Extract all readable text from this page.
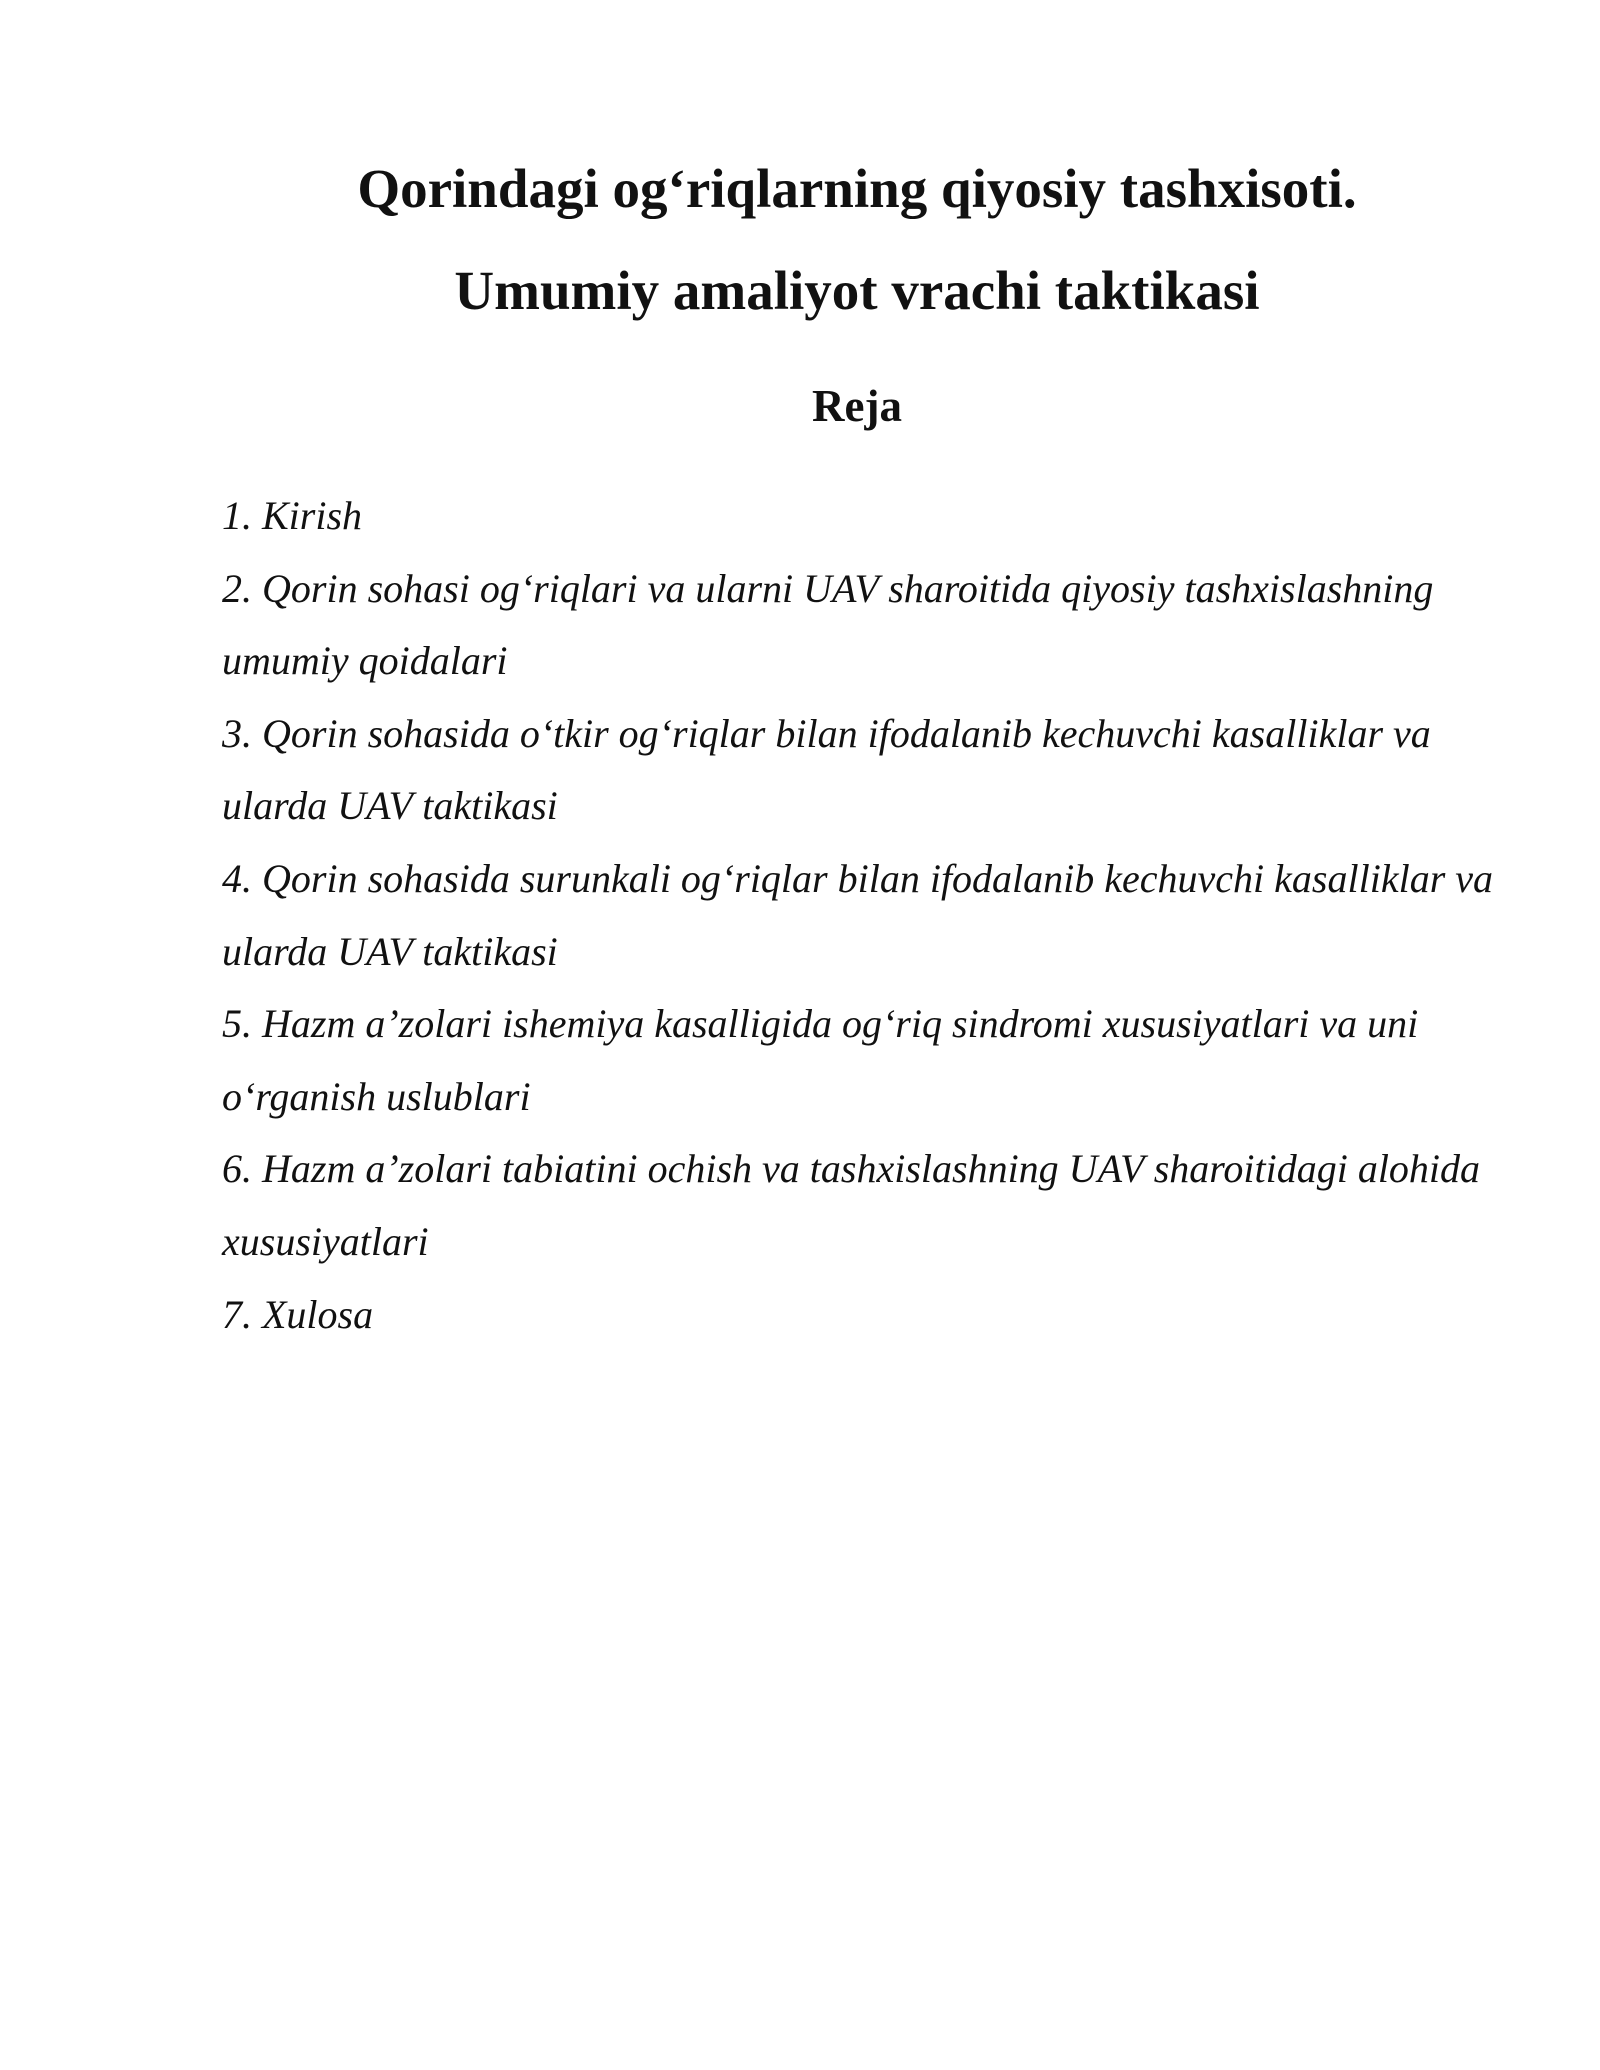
Qorindagi og‘riqlarning qiyosiy tashxisoti.

Umumiy amaliyot vrachi taktikasi

Reja

1. Kirish
2. Qorin sohasi og‘riqlari va ularni UAV sharoitida qiyosiy tashxislashning umumiy qoidalari
3. Qorin sohasida o‘tkir og‘riqlar bilan ifodalanib kechuvchi kasalliklar va ularda UAV taktikasi
4. Qorin sohasida surunkali og‘riqlar bilan ifodalanib kechuvchi kasalliklar va ularda UAV taktikasi
5. Hazm a’zolari ishemiya kasalligida og‘riq sindromi xususiyatlari va uni o‘rganish uslublari
6. Hazm a’zolari tabiatini ochish va tashxislashning UAV sharoitidagi alohida xususiyatlari
7. Xulosa
